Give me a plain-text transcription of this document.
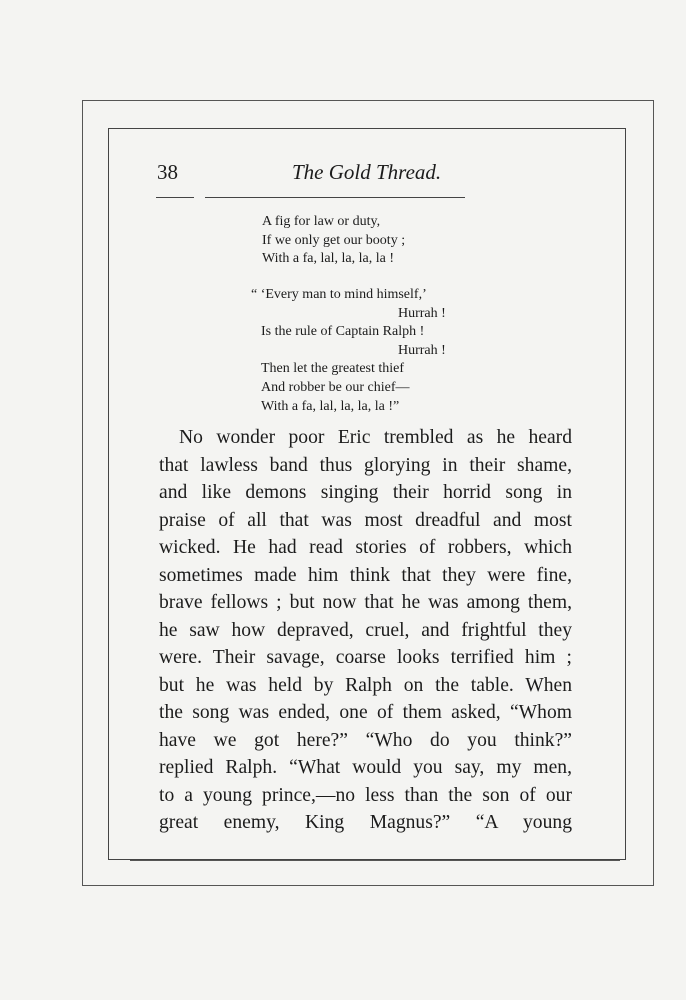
38	The Gold Thread.
A fig for law or duty,
If we only get our booty ;
With a fa, lal, la, la, la !
“ ‘Every man to mind himself,’
Hurrah !
Is the rule of Captain Ralph !
Hurrah !
Then let the greatest thief
And robber be our chief—
With a fa, lal, la, la, la !”
No wonder poor Eric trembled as he heard
that lawless band thus glorying in their shame,
and like demons singing their horrid song in
praise of all that was most dreadful and most
wicked. He had read stories of robbers, which
sometimes made him think that they were fine,
brave fellows ; but now that he was among them,
he saw how depraved, cruel, and frightful they
were. Their savage, coarse looks terrified him ;
but he was held by Ralph on the table. When
the song was ended, one of them asked, “Whom
have we got here?” “Who do you think?”
replied Ralph. “What would you say, my men,
to a young prince,—no less than the son of our
great enemy, King Magnus?” “A young
